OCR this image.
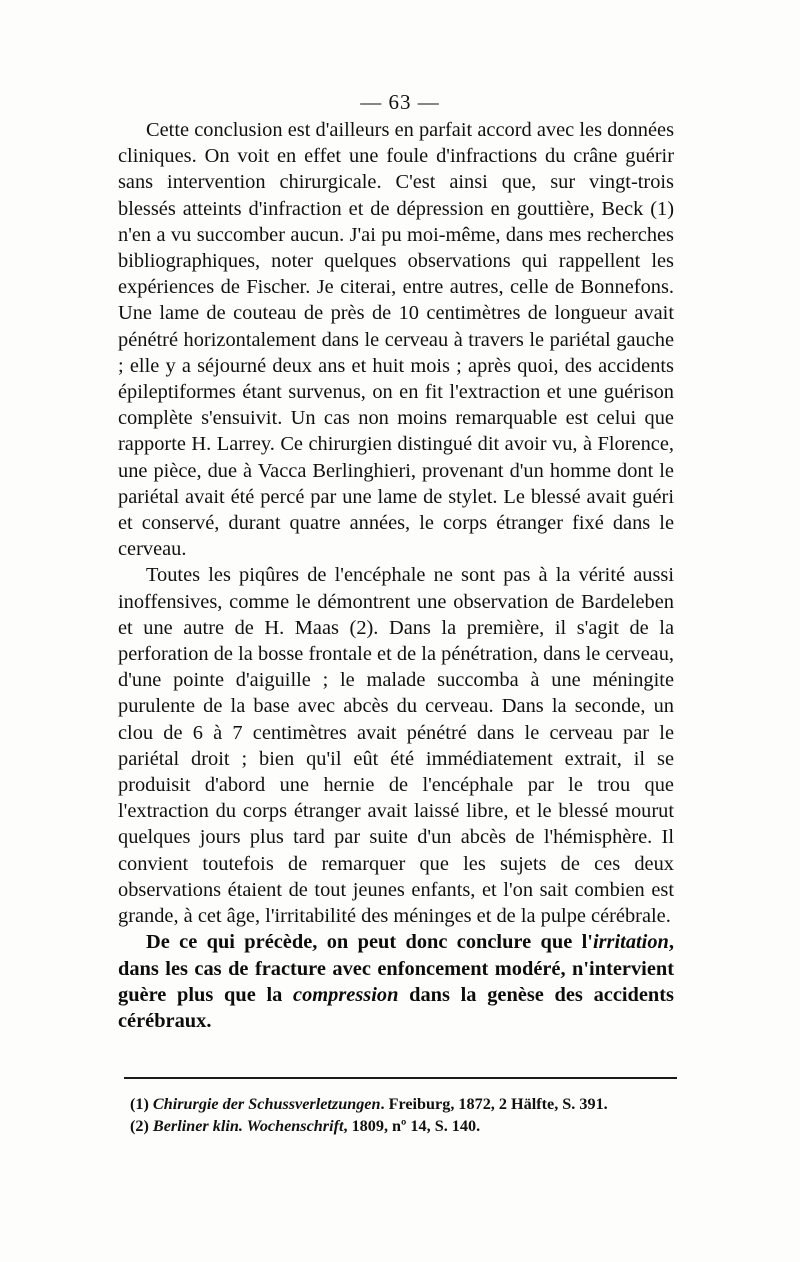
— 63 —

Cette conclusion est d'ailleurs en parfait accord avec les données cliniques. On voit en effet une foule d'infractions du crâne guérir sans intervention chirurgicale. C'est ainsi que, sur vingt-trois blessés atteints d'infraction et de dépression en gouttière, Beck (1) n'en a vu succomber aucun. J'ai pu moi-même, dans mes recherches bibliographiques, noter quelques observations qui rappellent les expériences de Fischer. Je citerai, entre autres, celle de Bonnefons. Une lame de couteau de près de 10 centimètres de longueur avait pénétré horizontalement dans le cerveau à travers le pariétal gauche ; elle y a séjourné deux ans et huit mois ; après quoi, des accidents épileptiformes étant survenus, on en fit l'extraction et une guérison complète s'ensuivit. Un cas non moins remarquable est celui que rapporte H. Larrey. Ce chirurgien distingué dit avoir vu, à Florence, une pièce, due à Vacca Berlinghieri, provenant d'un homme dont le pariétal avait été percé par une lame de stylet. Le blessé avait guéri et conservé, durant quatre années, le corps étranger fixé dans le cerveau.

Toutes les piqûres de l'encéphale ne sont pas à la vérité aussi inoffensives, comme le démontrent une observation de Bardeleben et une autre de H. Maas (2). Dans la première, il s'agit de la perforation de la bosse frontale et de la pénétration, dans le cerveau, d'une pointe d'aiguille ; le malade succomba à une méningite purulente de la base avec abcès du cerveau. Dans la seconde, un clou de 6 à 7 centimètres avait pénétré dans le cerveau par le pariétal droit ; bien qu'il eût été immédiatement extrait, il se produisit d'abord une hernie de l'encéphale par le trou que l'extraction du corps étranger avait laissé libre, et le blessé mourut quelques jours plus tard par suite d'un abcès de l'hémisphère. Il convient toutefois de remarquer que les sujets de ces deux observations étaient de tout jeunes enfants, et l'on sait combien est grande, à cet âge, l'irritabilité des méninges et de la pulpe cérébrale.

De ce qui précède, on peut donc conclure que l'irritation, dans les cas de fracture avec enfoncement modéré, n'intervient guère plus que la compression dans la genèse des accidents cérébraux.

(1) Chirurgie der Schussverletzungen. Freiburg, 1872, 2 Hälfte, S. 391.

(2) Berliner klin. Wochenschrift, 1809, nº 14, S. 140.
